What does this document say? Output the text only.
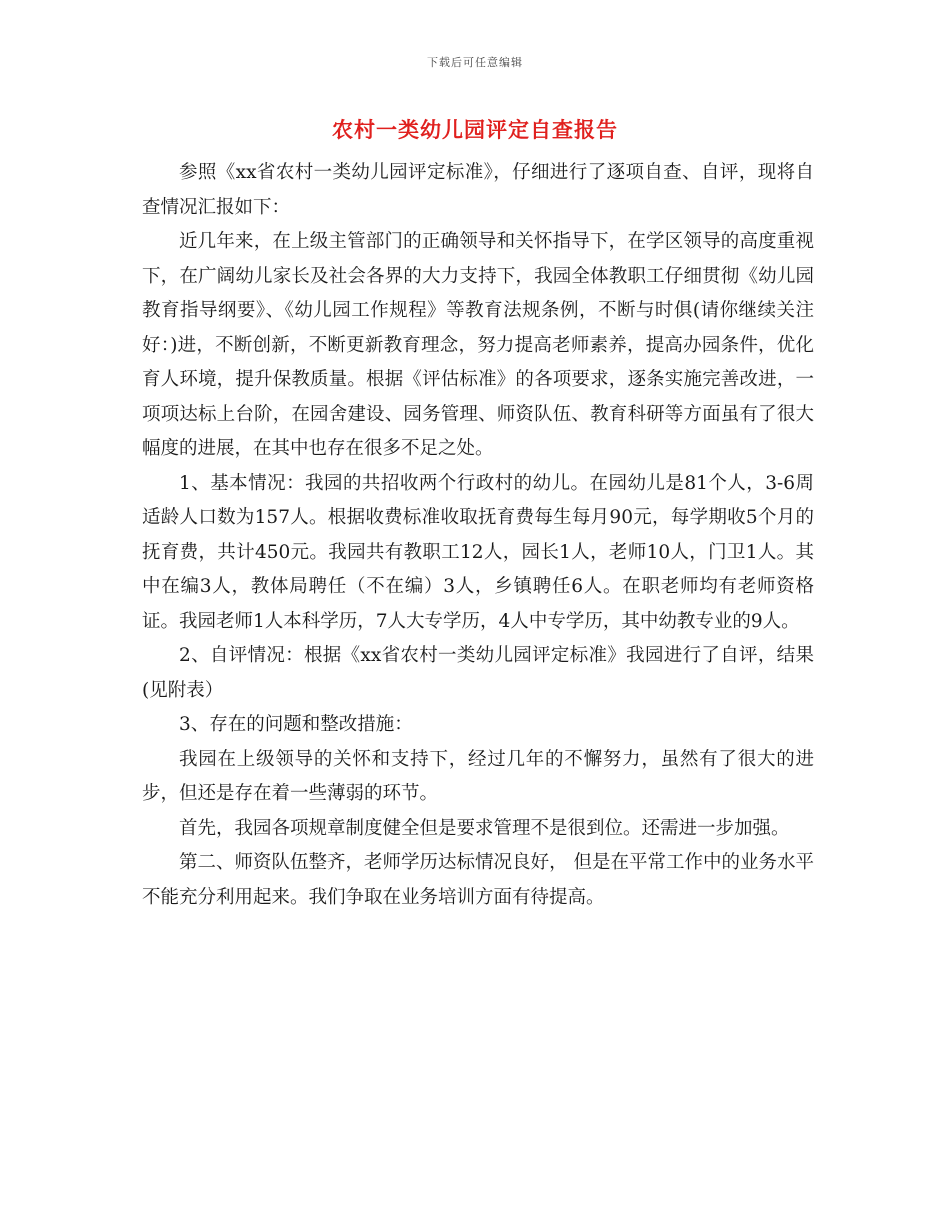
下载后可任意编辑
农村一类幼儿园评定自查报告

参照《xx省农村一类幼儿园评定标准》，仔细进行了逐项自查、自评，现将自查情况汇报如下：

近几年来，在上级主管部门的正确领导和关怀指导下，在学区领导的高度重视下，在广阔幼儿家长及社会各界的大力支持下，我园全体教职工仔细贯彻《幼儿园教育指导纲要》、《幼儿园工作规程》等教育法规条例，不断与时俱(请你继续关注好：)进，不断创新，不断更新教育理念，努力提高老师素养，提高办园条件，优化育人环境，提升保教质量。根据《评估标准》的各项要求，逐条实施完善改进，一项项达标上台阶，在园舍建设、园务管理、师资队伍、教育科研等方面虽有了很大幅度的进展，在其中也存在很多不足之处。

1、基本情况：我园的共招收两个行政村的幼儿。在园幼儿是81个人，3-6周适龄人口数为157人。根据收费标准收取抚育费每生每月90元，每学期收5个月的抚育费，共计450元。我园共有教职工12人，园长1人，老师10人，门卫1人。其中在编3人，教体局聘任（不在编）3人，乡镇聘任6人。在职老师均有老师资格证。我园老师1人本科学历，7人大专学历，4人中专学历，其中幼教专业的9人。

2、自评情况：根据《xx省农村一类幼儿园评定标准》我园进行了自评，结果(见附表）

3、存在的问题和整改措施：

我园在上级领导的关怀和支持下，经过几年的不懈努力，虽然有了很大的进步，但还是存在着一些薄弱的环节。

首先，我园各项规章制度健全但是要求管理不是很到位。还需进一步加强。

第二、师资队伍整齐，老师学历达标情况良好， 但是在平常工作中的业务水平不能充分利用起来。我们争取在业务培训方面有待提高。
